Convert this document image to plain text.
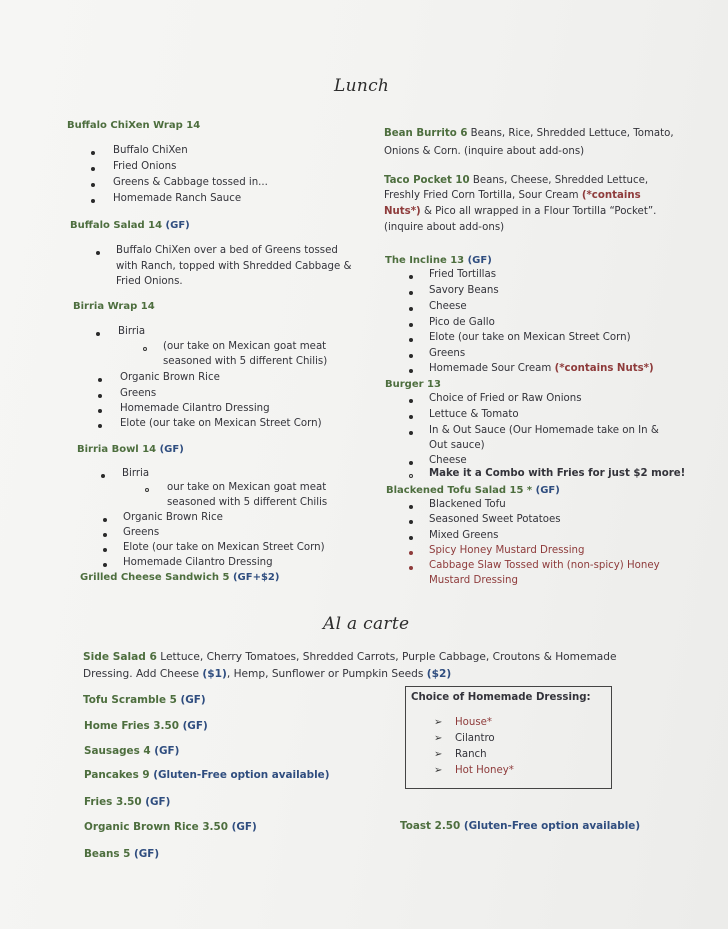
Lunch
Buffalo ChiXen Wrap 14
Buffalo ChiXen
Fried Onions
Greens & Cabbage tossed in...
Homemade Ranch Sauce
Buffalo Salad 14 (GF)
Buffalo ChiXen over a bed of Greens tossed
with Ranch, topped with Shredded Cabbage &
Fried Onions.
Birria Wrap 14
Birria
(our take on Mexican goat meat
seasoned with 5 different Chilis)
Organic Brown Rice
Greens
Homemade Cilantro Dressing
Elote (our take on Mexican Street Corn)
Birria Bowl 14 (GF)
Birria
our take on Mexican goat meat
seasoned with 5 different Chilis
Organic Brown Rice
Greens
Elote (our take on Mexican Street Corn)
Homemade Cilantro Dressing
Grilled Cheese Sandwich 5 (GF+$2)
Bean Burrito 6 Beans, Rice, Shredded Lettuce, Tomato,
Onions & Corn. (inquire about add-ons)
Taco Pocket 10 Beans, Cheese, Shredded Lettuce,
Freshly Fried Corn Tortilla, Sour Cream (*contains
Nuts*) & Pico all wrapped in a Flour Tortilla “Pocket”.
(inquire about add-ons)
The Incline 13 (GF)
Fried Tortillas
Savory Beans
Cheese
Pico de Gallo
Elote (our take on Mexican Street Corn)
Greens
Homemade Sour Cream (*contains Nuts*)
Burger 13
Choice of Fried or Raw Onions
Lettuce & Tomato
In & Out Sauce (Our Homemade take on In &
Out sauce)
Cheese
Make it a Combo with Fries for just $2 more!
Blackened Tofu Salad 15 * (GF)
Blackened Tofu
Seasoned Sweet Potatoes
Mixed Greens
Spicy Honey Mustard Dressing
Cabbage Slaw Tossed with (non-spicy) Honey
Mustard Dressing
Al a carte
Side Salad 6 Lettuce, Cherry Tomatoes, Shredded Carrots, Purple Cabbage, Croutons & Homemade
Dressing. Add Cheese ($1), Hemp, Sunflower or Pumpkin Seeds ($2)
Tofu Scramble 5 (GF)
Home Fries 3.50 (GF)
Sausages 4 (GF)
Pancakes 9 (Gluten-Free option available)
Fries 3.50 (GF)
Organic Brown Rice 3.50 (GF)
Beans 5 (GF)
Toast 2.50 (Gluten-Free option available)
Choice of Homemade Dressing:
➢ House*
➢ Cilantro
➢ Ranch
➢ Hot Honey*
